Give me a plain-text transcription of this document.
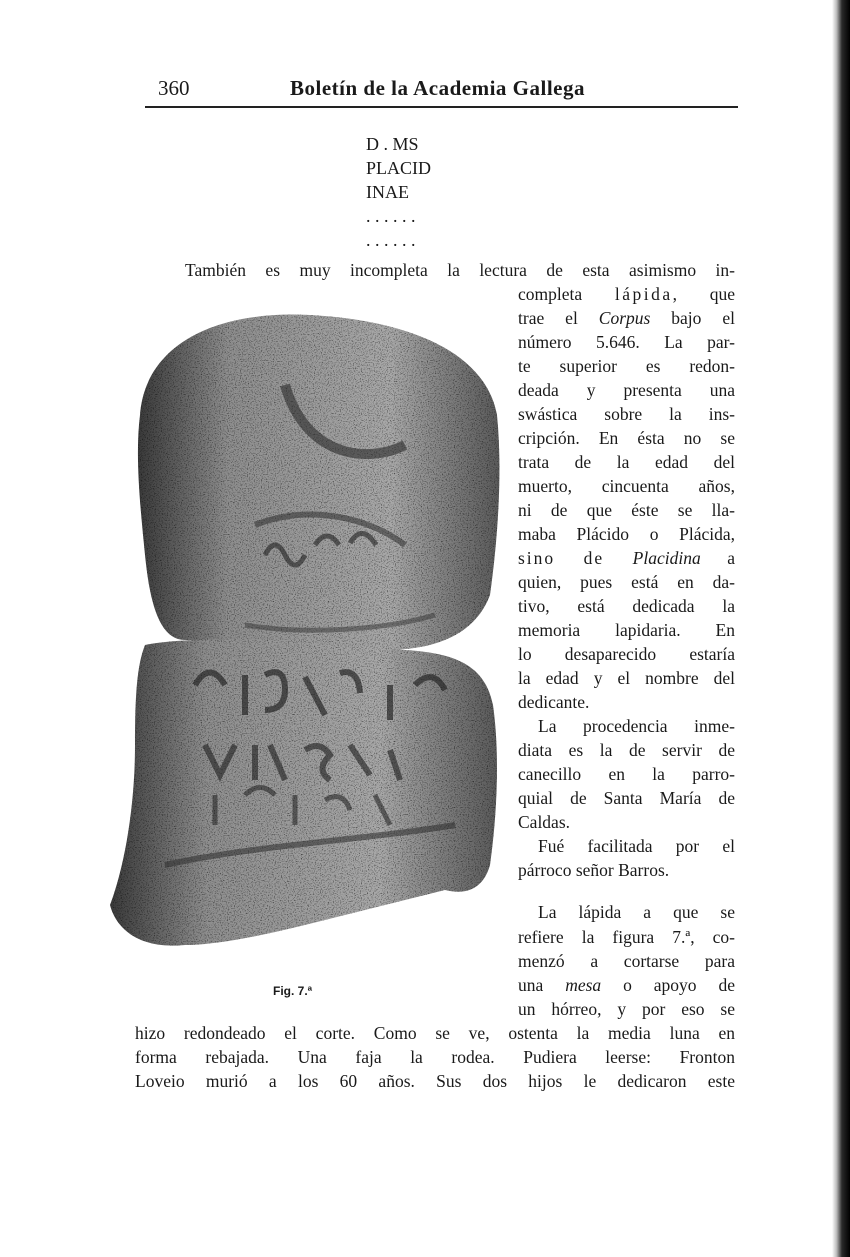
360	Boletín de la Academia Gallega
D . MS
PLACID
INAE
. . . . . .
. . . . . .
También es muy incompleta la lectura de esta asimismo in-
completa lápida, que
trae el Corpus bajo el
número 5.646. La par-
te superior es redon-
deada y presenta una
swástica sobre la ins-
cripción. En ésta no se
trata de la edad del
muerto, cincuenta años,
ni de que éste se lla-
maba Plácido o Plácida,
sino de Placidina a
quien, pues está en da-
tivo, está dedicada la
memoria lapidaria. En
lo desaparecido estaría
la edad y el nombre del
dedicante.
La procedencia inme-
diata es la de servir de
canecillo en la parro-
quial de Santa María de
Caldas.
Fué facilitada por el
párroco señor Barros.
La lápida a que se
refiere la figura 7.ª, co-
menzó a cortarse para
una mesa o apoyo de
un hórreo, y por eso se
hizo redondeado el corte. Como se ve, ostenta la media luna en
forma rebajada. Una faja la rodea. Pudiera leerse: Fronton
Loveio murió a los 60 años. Sus dos hijos le dedicaron este
Fig. 7.ª
